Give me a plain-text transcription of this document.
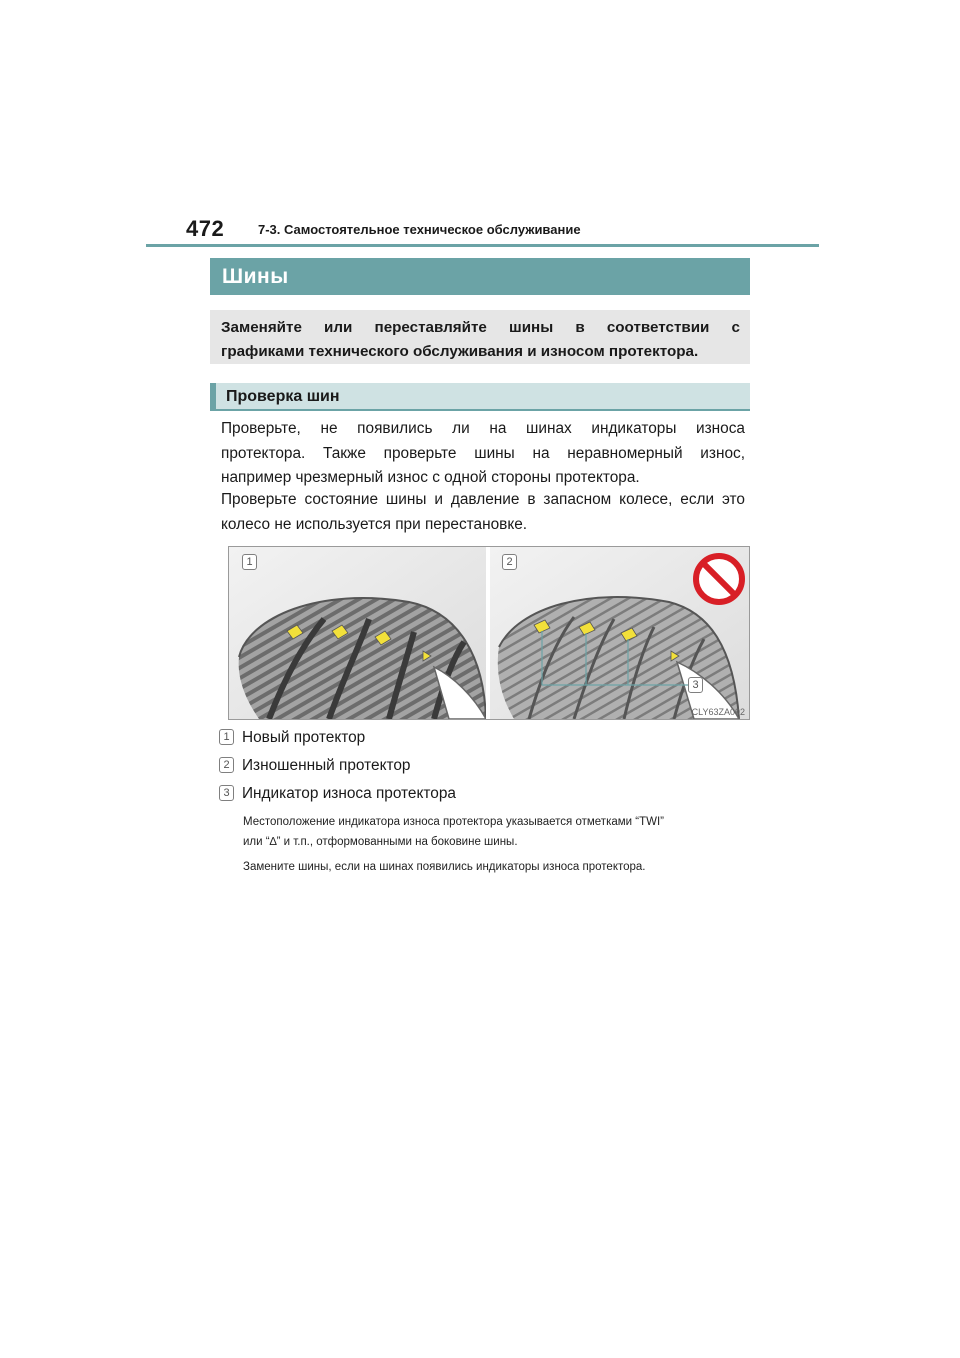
472	7-3. Самостоятельное техническое обслуживание
Шины
Заменяйте или переставляйте шины в соответствии с
графиками технического обслуживания и износом протектора.
Проверка шин
Проверьте, не появились ли на шинах индикаторы износа
протектора. Также проверьте шины на неравномерный износ,
например чрезмерный износ с одной стороны протектора.
Проверьте состояние шины и давление в запасном колесе, если это
колесо не используется при перестановке.
1	2
3
CLY63ZA002
1 Новый протектор
2 Изношенный протектор
3 Индикатор износа протектора
Местоположение индикатора износа протектора указывается отметками “TWI”
или “∆” и т.п., отформованными на боковине шины.
Замените шины, если на шинах появились индикаторы износа протектора.
